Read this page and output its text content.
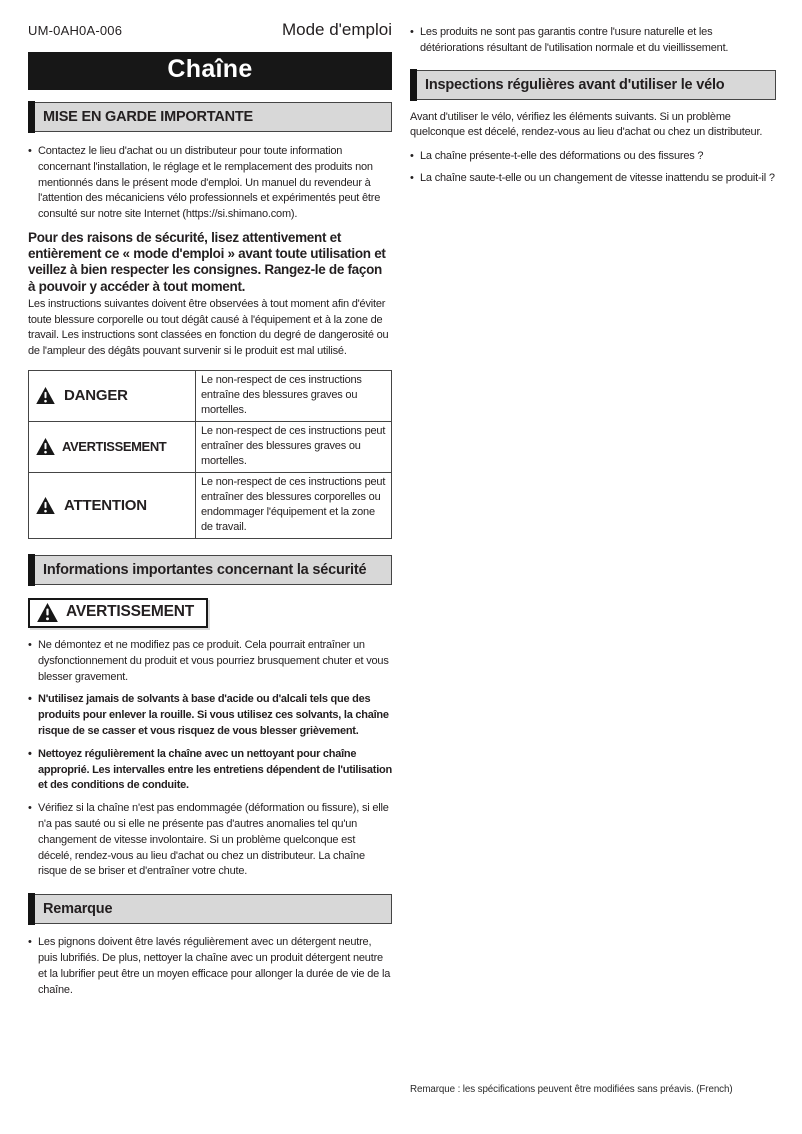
UM-0AH0A-006	Mode d'emploi
Chaîne
MISE EN GARDE IMPORTANTE
• Contactez le lieu d'achat ou un distributeur pour toute information concernant l'installation, le réglage et le remplacement des produits non mentionnés dans le présent mode d'emploi. Un manuel du revendeur à l'attention des mécaniciens vélo professionnels et expérimentés peut être consulté sur notre site Internet (https://si.shimano.com).

Pour des raisons de sécurité, lisez attentivement et entièrement ce « mode d'emploi » avant toute utilisation et veillez à bien respecter les consignes. Rangez-le de façon à pouvoir y accéder à tout moment.

Les instructions suivantes doivent être observées à tout moment afin d'éviter toute blessure corporelle ou tout dégât causé à l'équipement et à la zone de travail. Les instructions sont classées en fonction du degré de dangerosité ou de l'ampleur des dégâts pouvant survenir si le produit est mal utilisé.

DANGER	Le non-respect de ces instructions entraîne des blessures graves ou mortelles.

AVERTISSEMENT	Le non-respect de ces instructions peut entraîner des blessures graves ou mortelles.

ATTENTION	Le non-respect de ces instructions peut entraîner des blessures corporelles ou endommager l'équipement et la zone de travail.
Informations importantes concernant la sécurité
AVERTISSEMENT
• Ne démontez et ne modifiez pas ce produit. Cela pourrait entraîner un dysfonctionnement du produit et vous pourriez brusquement chuter et vous blesser gravement.
• N'utilisez jamais de solvants à base d'acide ou d'alcali tels que des produits pour enlever la rouille. Si vous utilisez ces solvants, la chaîne risque de se casser et vous risquez de vous blesser grièvement.
• Nettoyez régulièrement la chaîne avec un nettoyant pour chaîne approprié. Les intervalles entre les entretiens dépendent de l'utilisation et des conditions de conduite.
• Vérifiez si la chaîne n'est pas endommagée (déformation ou fissure), si elle n'a pas sauté ou si elle ne présente pas d'autres anomalies tel qu'un changement de vitesse involontaire. Si un problème quelconque est décelé, rendez-vous au lieu d'achat ou chez un distributeur. La chaîne risque de se briser et d'entraîner votre chute.
Remarque
• Les pignons doivent être lavés régulièrement avec un détergent neutre, puis lubrifiés. De plus, nettoyer la chaîne avec un produit détergent neutre et la lubrifier peut être un moyen efficace pour allonger la durée de vie de la chaîne.
• Les produits ne sont pas garantis contre l'usure naturelle et les détériorations résultant de l'utilisation normale et du vieillissement.
Inspections régulières avant d'utiliser le vélo

Avant d'utiliser le vélo, vérifiez les éléments suivants. Si un problème quelconque est décelé, rendez-vous au lieu d'achat ou chez un distributeur.

• La chaîne présente-t-elle des déformations ou des fissures ?
• La chaîne saute-t-elle ou un changement de vitesse inattendu se produit-il ?
Remarque : les spécifications peuvent être modifiées sans préavis. (French)
